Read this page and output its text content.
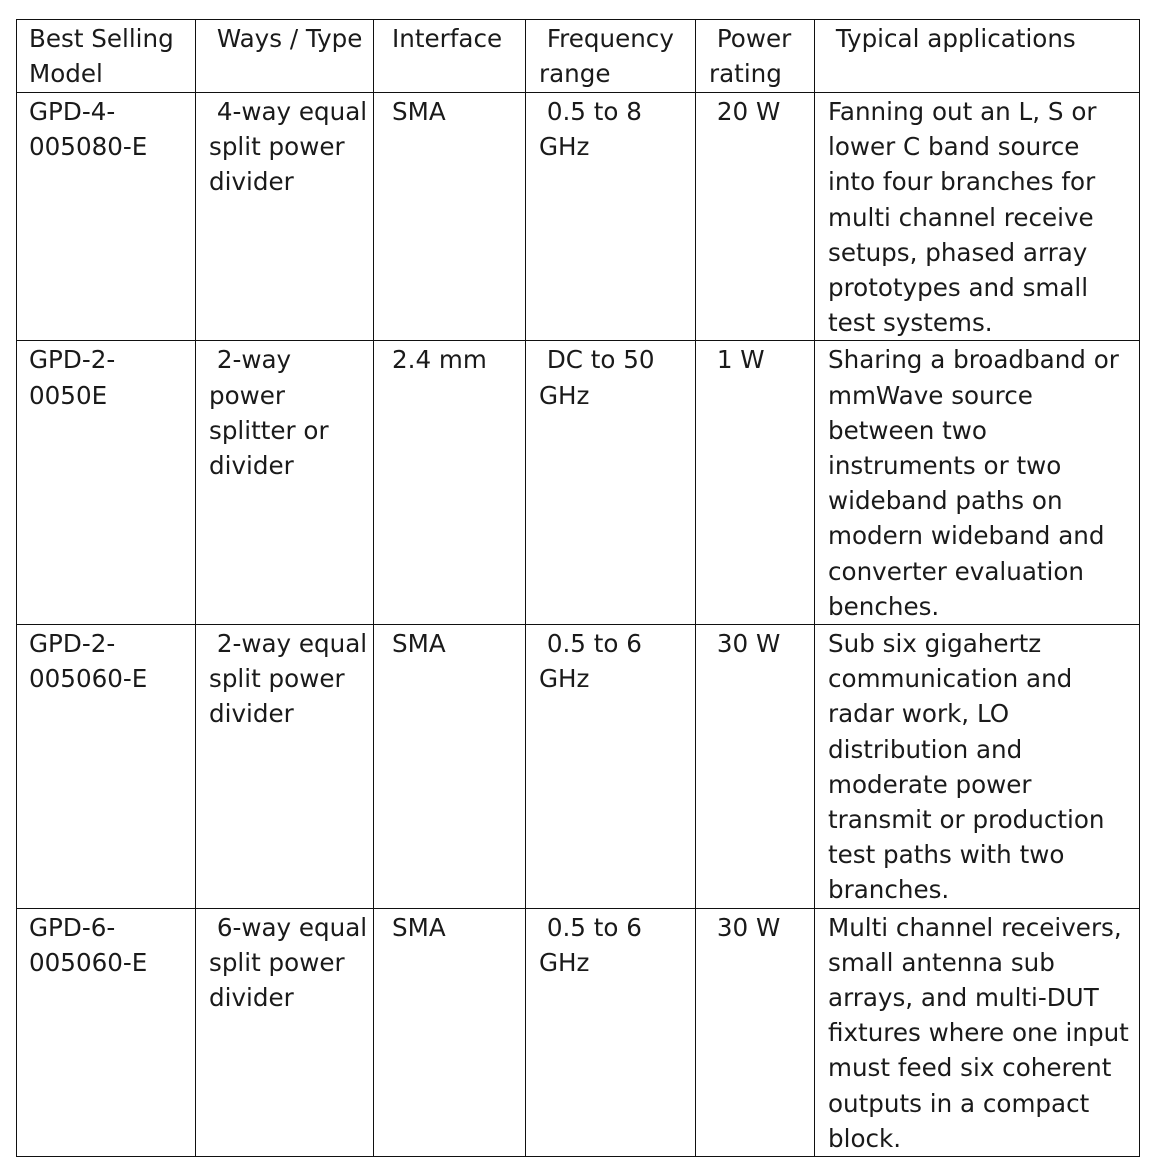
Best Selling Model	Ways / Type	Interface	Frequency range	Power rating	Typical applications
GPD-4-005080-E	4-way equal split power divider	SMA	0.5 to 8 GHz	20 W	Fanning out an L, S or lower C band source into four branches for multi channel receive setups, phased array prototypes and small test systems.
GPD-2-0050E	2-way power splitter or divider	2.4 mm	DC to 50 GHz	1 W	Sharing a broadband or mmWave source between two instruments or two wideband paths on modern wideband and converter evaluation benches.
GPD-2-005060-E	2-way equal split power divider	SMA	0.5 to 6 GHz	30 W	Sub six gigahertz communication and radar work, LO distribution and moderate power transmit or production test paths with two branches.
GPD-6-005060-E	6-way equal split power divider	SMA	0.5 to 6 GHz	30 W	Multi channel receivers, small antenna sub arrays, and multi-DUT fixtures where one input must feed six coherent outputs in a compact block.
